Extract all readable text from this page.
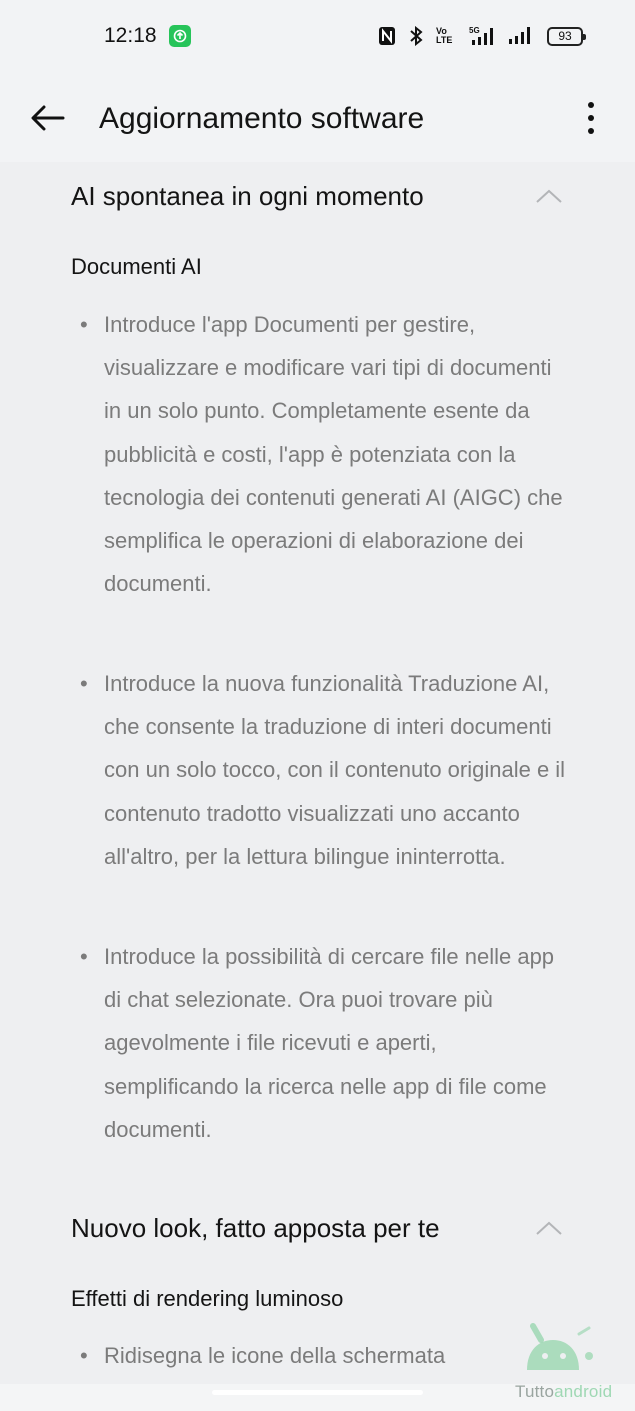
12:18	Vo LTE
5G	93
Aggiornamento software
AI spontanea in ogni momento
Documenti AI
• Introduce l'app Documenti per gestire, visualizzare e modificare vari tipi di documenti in un solo punto. Completamente esente da pubblicità e costi, l'app è potenziata con la tecnologia dei contenuti generati AI (AIGC) che semplifica le operazioni di elaborazione dei documenti.
• Introduce la nuova funzionalità Traduzione AI, che consente la traduzione di interi documenti con un solo tocco, con il contenuto originale e il contenuto tradotto visualizzati uno accanto all'altro, per la lettura bilingue ininterrotta.
• Introduce la possibilità di cercare file nelle app di chat selezionate. Ora puoi trovare più agevolmente i file ricevuti e aperti, semplificando la ricerca nelle app di file come documenti.
Nuovo look, fatto apposta per te
Effetti di rendering luminoso
• Ridisegna le icone della schermata
Tuttoandroid
